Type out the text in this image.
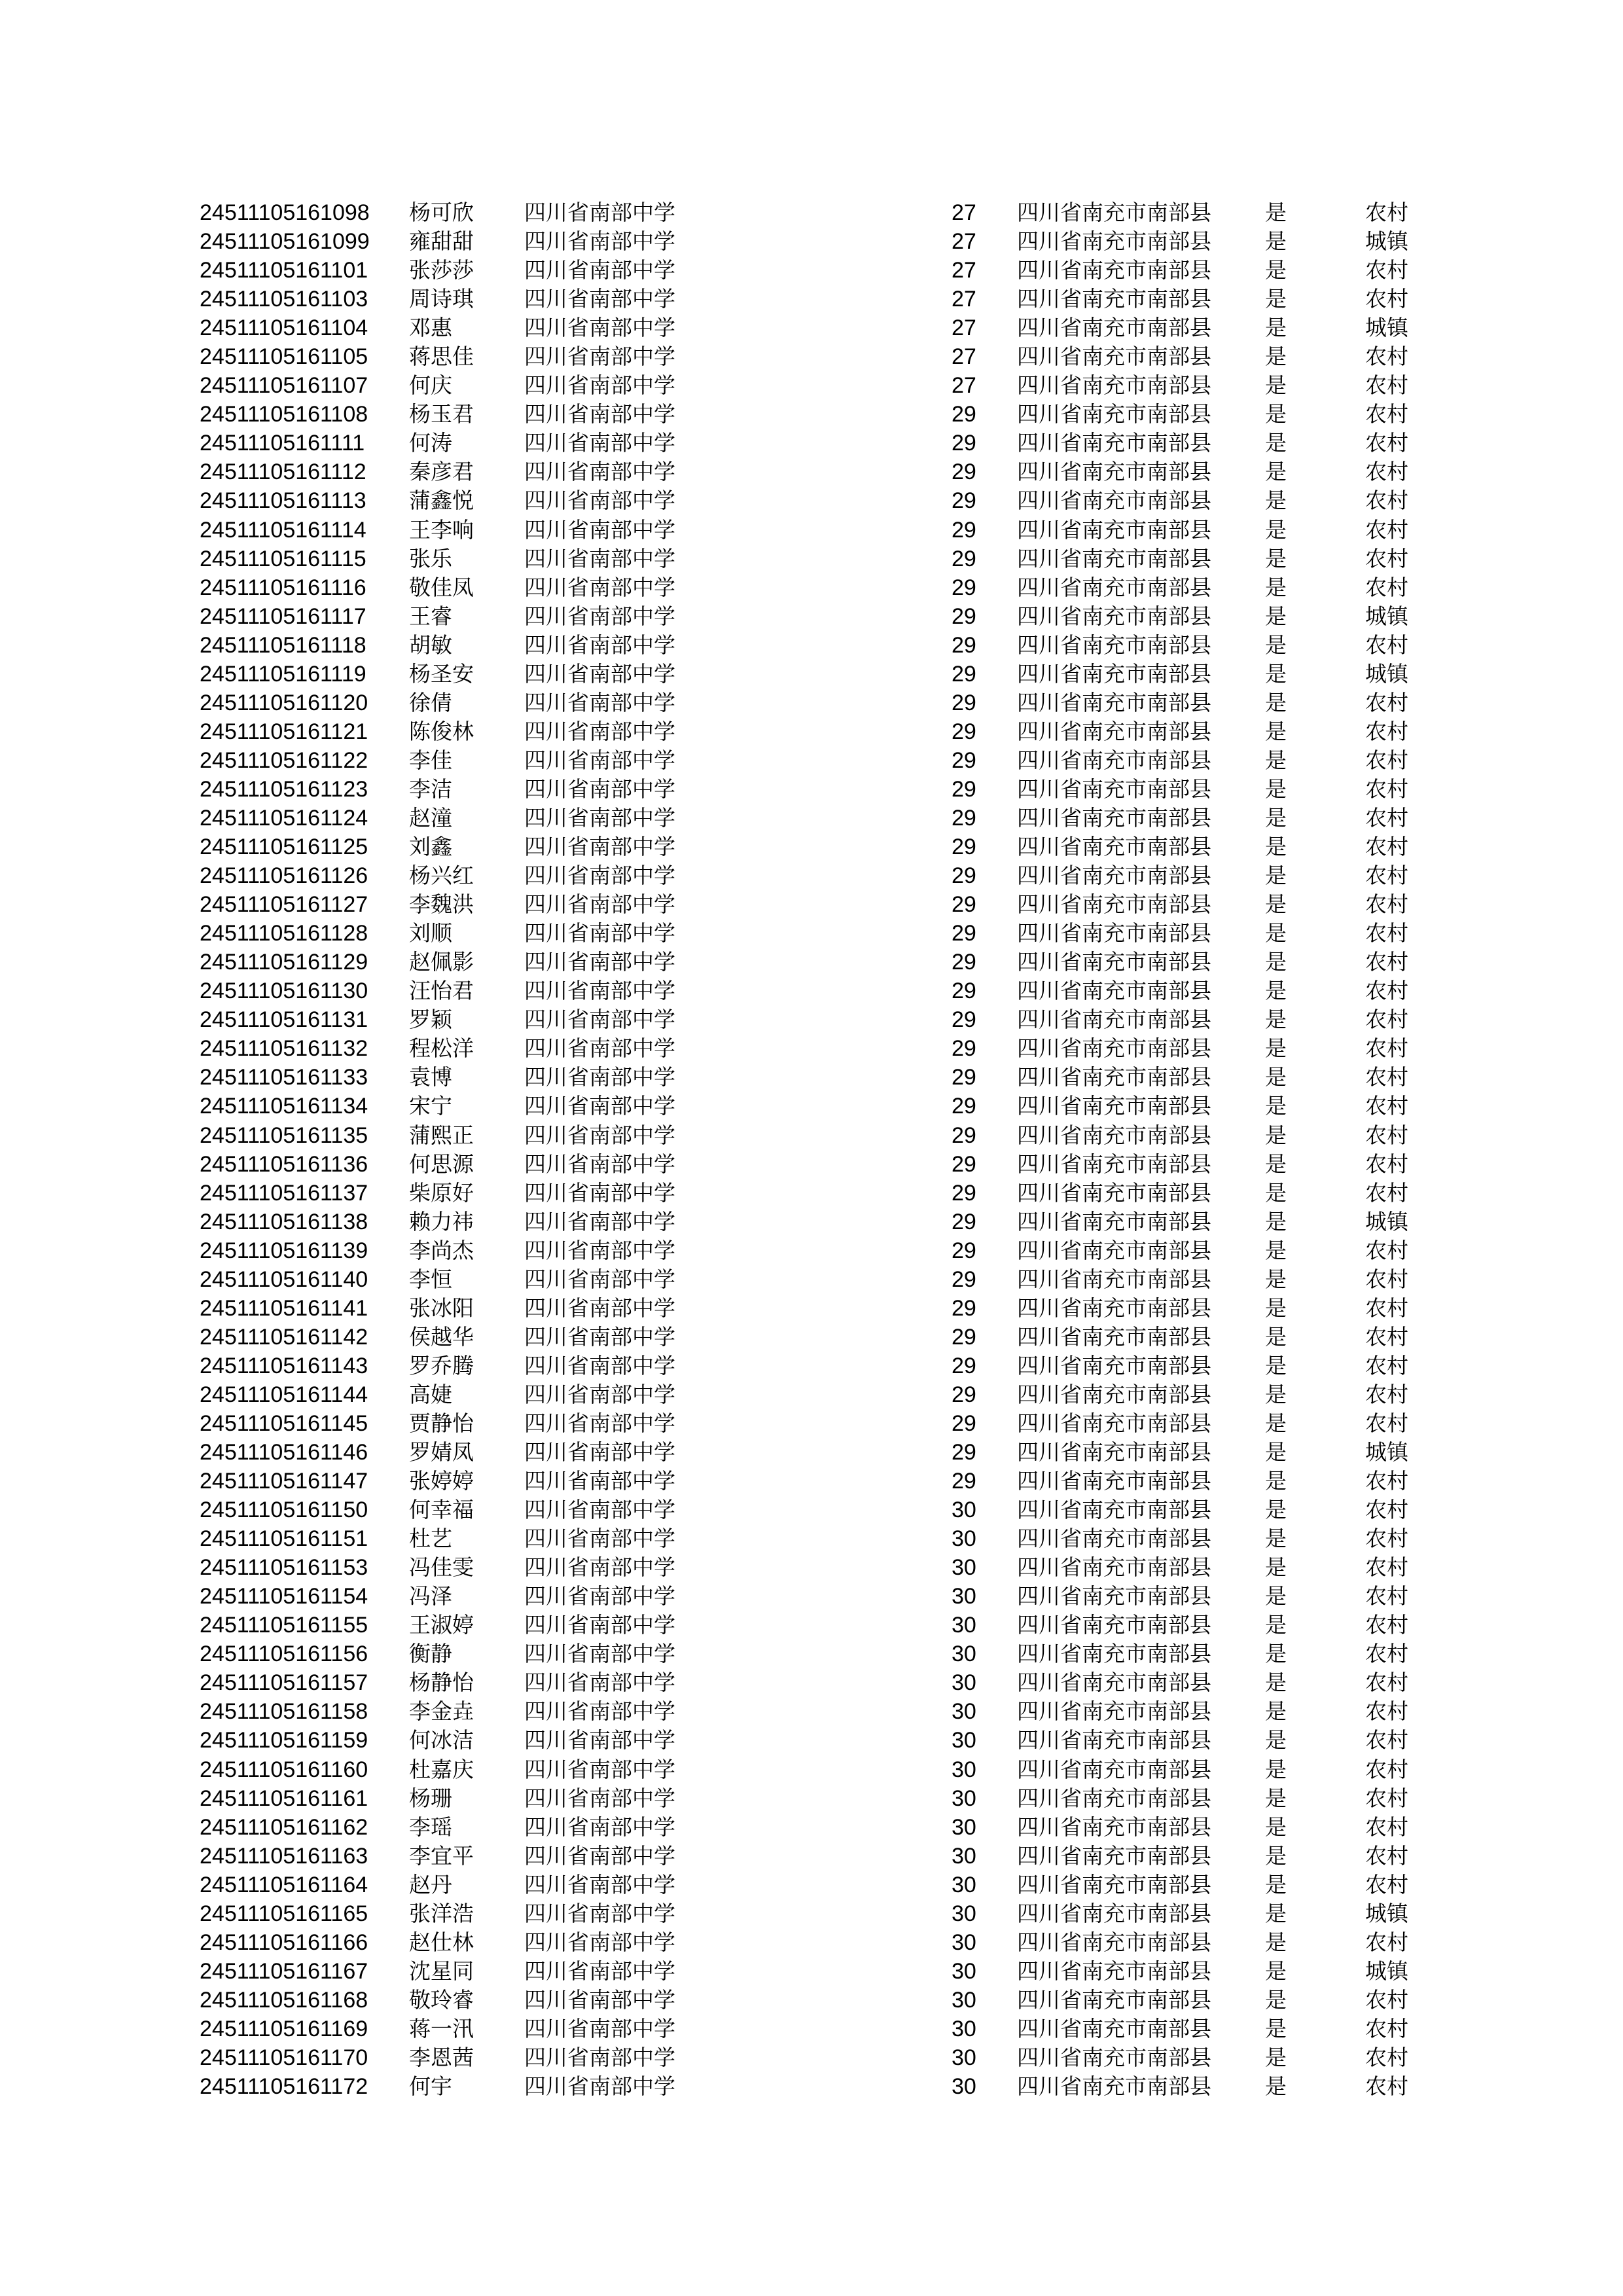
24511105161098 杨可欣 四川省南部中学	27 四川省南充市南部县 是	农村
24511105161099 雍甜甜 四川省南部中学	27 四川省南充市南部县 是	城镇
24511105161101 张莎莎 四川省南部中学	27 四川省南充市南部县 是	农村
24511105161103 周诗琪 四川省南部中学	27 四川省南充市南部县 是	农村
24511105161104 邓惠	四川省南部中学	27 四川省南充市南部县 是	城镇
24511105161105 蒋思佳 四川省南部中学	27 四川省南充市南部县 是	农村
24511105161107 何庆	四川省南部中学	27 四川省南充市南部县 是	农村
24511105161108 杨玉君 四川省南部中学	29 四川省南充市南部县 是	农村
24511105161111 何涛	四川省南部中学	29 四川省南充市南部县 是	农村
24511105161112 秦彦君 四川省南部中学	29 四川省南充市南部县 是	农村
24511105161113 蒲鑫悦 四川省南部中学	29 四川省南充市南部县 是	农村
24511105161114 王李响 四川省南部中学	29 四川省南充市南部县 是	农村
24511105161115 张乐	四川省南部中学	29 四川省南充市南部县 是	农村
24511105161116 敬佳凤 四川省南部中学	29 四川省南充市南部县 是	农村
24511105161117 王睿	四川省南部中学	29 四川省南充市南部县 是	城镇
24511105161118 胡敏	四川省南部中学	29 四川省南充市南部县 是	农村
24511105161119 杨圣安 四川省南部中学	29 四川省南充市南部县 是	城镇
24511105161120 徐倩	四川省南部中学	29 四川省南充市南部县 是	农村
24511105161121 陈俊林 四川省南部中学	29 四川省南充市南部县 是	农村
24511105161122 李佳	四川省南部中学	29 四川省南充市南部县 是	农村
24511105161123 李洁	四川省南部中学	29 四川省南充市南部县 是	农村
24511105161124 赵潼	四川省南部中学	29 四川省南充市南部县 是	农村
24511105161125 刘鑫	四川省南部中学	29 四川省南充市南部县 是	农村
24511105161126 杨兴红 四川省南部中学	29 四川省南充市南部县 是	农村
24511105161127 李魏洪 四川省南部中学	29 四川省南充市南部县 是	农村
24511105161128 刘顺	四川省南部中学	29 四川省南充市南部县 是	农村
24511105161129 赵佩影 四川省南部中学	29 四川省南充市南部县 是	农村
24511105161130 汪怡君 四川省南部中学	29 四川省南充市南部县 是	农村
24511105161131 罗颖	四川省南部中学	29 四川省南充市南部县 是	农村
24511105161132 程松洋 四川省南部中学	29 四川省南充市南部县 是	农村
24511105161133 袁博	四川省南部中学	29 四川省南充市南部县 是	农村
24511105161134 宋宁	四川省南部中学	29 四川省南充市南部县 是	农村
24511105161135 蒲熙正 四川省南部中学	29 四川省南充市南部县 是	农村
24511105161136 何思源 四川省南部中学	29 四川省南充市南部县 是	农村
24511105161137 柴原好 四川省南部中学	29 四川省南充市南部县 是	农村
24511105161138 赖力祎 四川省南部中学	29 四川省南充市南部县 是	城镇
24511105161139 李尚杰 四川省南部中学	29 四川省南充市南部县 是	农村
24511105161140 李恒	四川省南部中学	29 四川省南充市南部县 是	农村
24511105161141 张冰阳 四川省南部中学	29 四川省南充市南部县 是	农村
24511105161142 侯越华 四川省南部中学	29 四川省南充市南部县 是	农村
24511105161143 罗乔腾 四川省南部中学	29 四川省南充市南部县 是	农村
24511105161144 高婕	四川省南部中学	29 四川省南充市南部县 是	农村
24511105161145 贾静怡 四川省南部中学	29 四川省南充市南部县 是	农村
24511105161146 罗婧凤 四川省南部中学	29 四川省南充市南部县 是	城镇
24511105161147 张婷婷 四川省南部中学	29 四川省南充市南部县 是	农村
24511105161150 何幸福 四川省南部中学	30 四川省南充市南部县 是	农村
24511105161151 杜艺	四川省南部中学	30 四川省南充市南部县 是	农村
24511105161153 冯佳雯 四川省南部中学	30 四川省南充市南部县 是	农村
24511105161154 冯泽	四川省南部中学	30 四川省南充市南部县 是	农村
24511105161155 王淑婷 四川省南部中学	30 四川省南充市南部县 是	农村
24511105161156 衡静	四川省南部中学	30 四川省南充市南部县 是	农村
24511105161157 杨静怡 四川省南部中学	30 四川省南充市南部县 是	农村
24511105161158 李金垚 四川省南部中学	30 四川省南充市南部县 是	农村
24511105161159 何冰洁 四川省南部中学	30 四川省南充市南部县 是	农村
24511105161160 杜嘉庆 四川省南部中学	30 四川省南充市南部县 是	农村
24511105161161 杨珊	四川省南部中学	30 四川省南充市南部县 是	农村
24511105161162 李瑶	四川省南部中学	30 四川省南充市南部县 是	农村
24511105161163 李宜平 四川省南部中学	30 四川省南充市南部县 是	农村
24511105161164 赵丹	四川省南部中学	30 四川省南充市南部县 是	农村
24511105161165 张洋浩 四川省南部中学	30 四川省南充市南部县 是	城镇
24511105161166 赵仕林 四川省南部中学	30 四川省南充市南部县 是	农村
24511105161167 沈星同 四川省南部中学	30 四川省南充市南部县 是	城镇
24511105161168 敬玲睿 四川省南部中学	30 四川省南充市南部县 是	农村
24511105161169 蒋一汛 四川省南部中学	30 四川省南充市南部县 是	农村
24511105161170 李恩茜 四川省南部中学	30 四川省南充市南部县 是	农村
24511105161172 何宇	四川省南部中学	30 四川省南充市南部县 是	农村
